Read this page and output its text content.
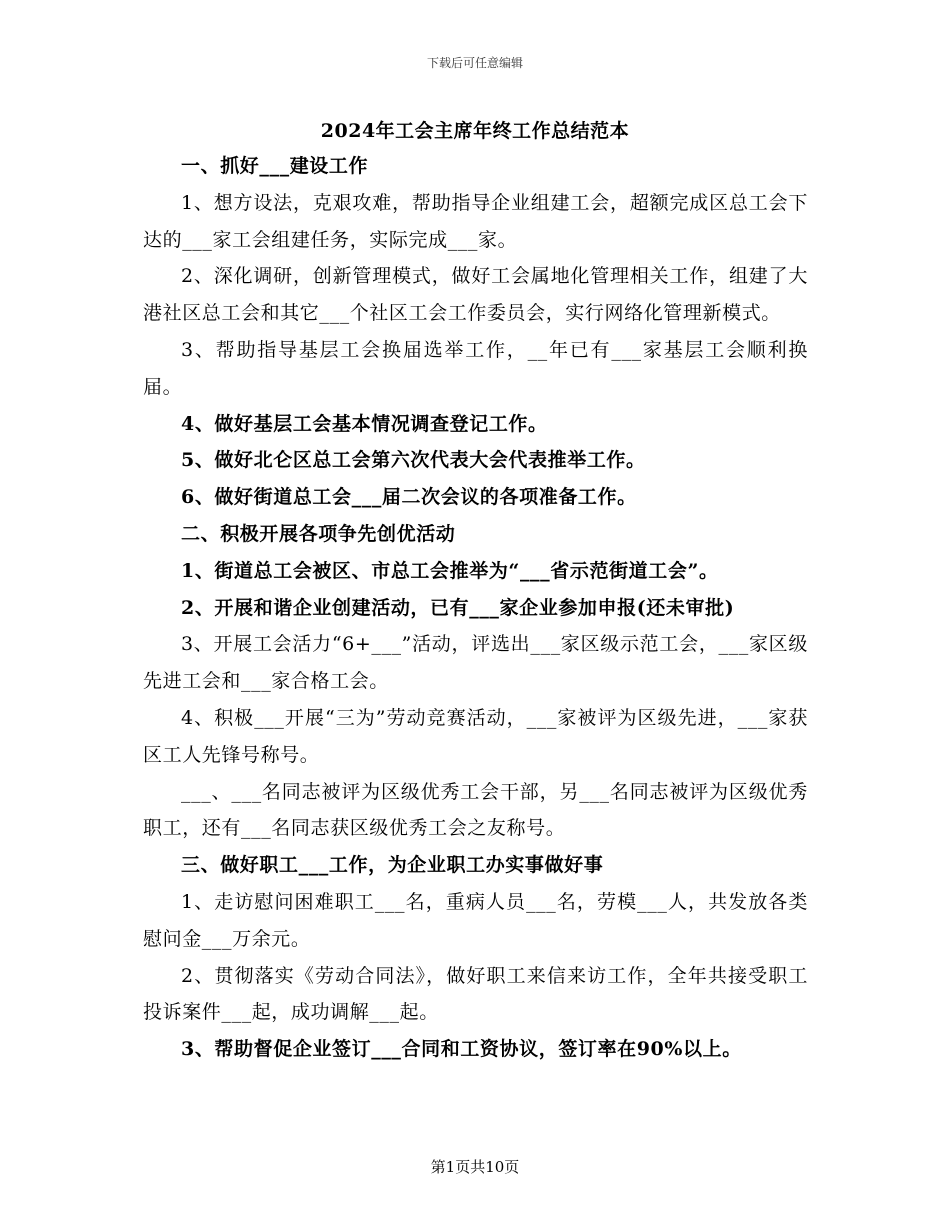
下载后可任意编辑
2024年工会主席年终工作总结范本

一、抓好___建设工作

1、想方设法，克艰攻难，帮助指导企业组建工会，超额完成区总工会下达的___家工会组建任务，实际完成___家。

2、深化调研，创新管理模式，做好工会属地化管理相关工作，组建了大港社区总工会和其它___个社区工会工作委员会，实行网络化管理新模式。

3、帮助指导基层工会换届选举工作，__年已有___家基层工会顺利换届。

4、做好基层工会基本情况调查登记工作。

5、做好北仑区总工会第六次代表大会代表推举工作。

6、做好街道总工会___届二次会议的各项准备工作。

二、积极开展各项争先创优活动

1、街道总工会被区、市总工会推举为“___省示范街道工会”。

2、开展和谐企业创建活动，已有___家企业参加申报(还未审批)

3、开展工会活力“6+___”活动，评选出___家区级示范工会，___家区级先进工会和___家合格工会。

4、积极___开展“三为”劳动竞赛活动，___家被评为区级先进，___家获区工人先锋号称号。

___、___名同志被评为区级优秀工会干部，另___名同志被评为区级优秀职工，还有___名同志获区级优秀工会之友称号。

三、做好职工___工作，为企业职工办实事做好事

1、走访慰问困难职工___名，重病人员___名，劳模___人，共发放各类慰问金___万余元。

2、贯彻落实《劳动合同法》，做好职工来信来访工作，全年共接受职工投诉案件___起，成功调解___起。

3、帮助督促企业签订___合同和工资协议，签订率在90%以上。

第1页共10页
